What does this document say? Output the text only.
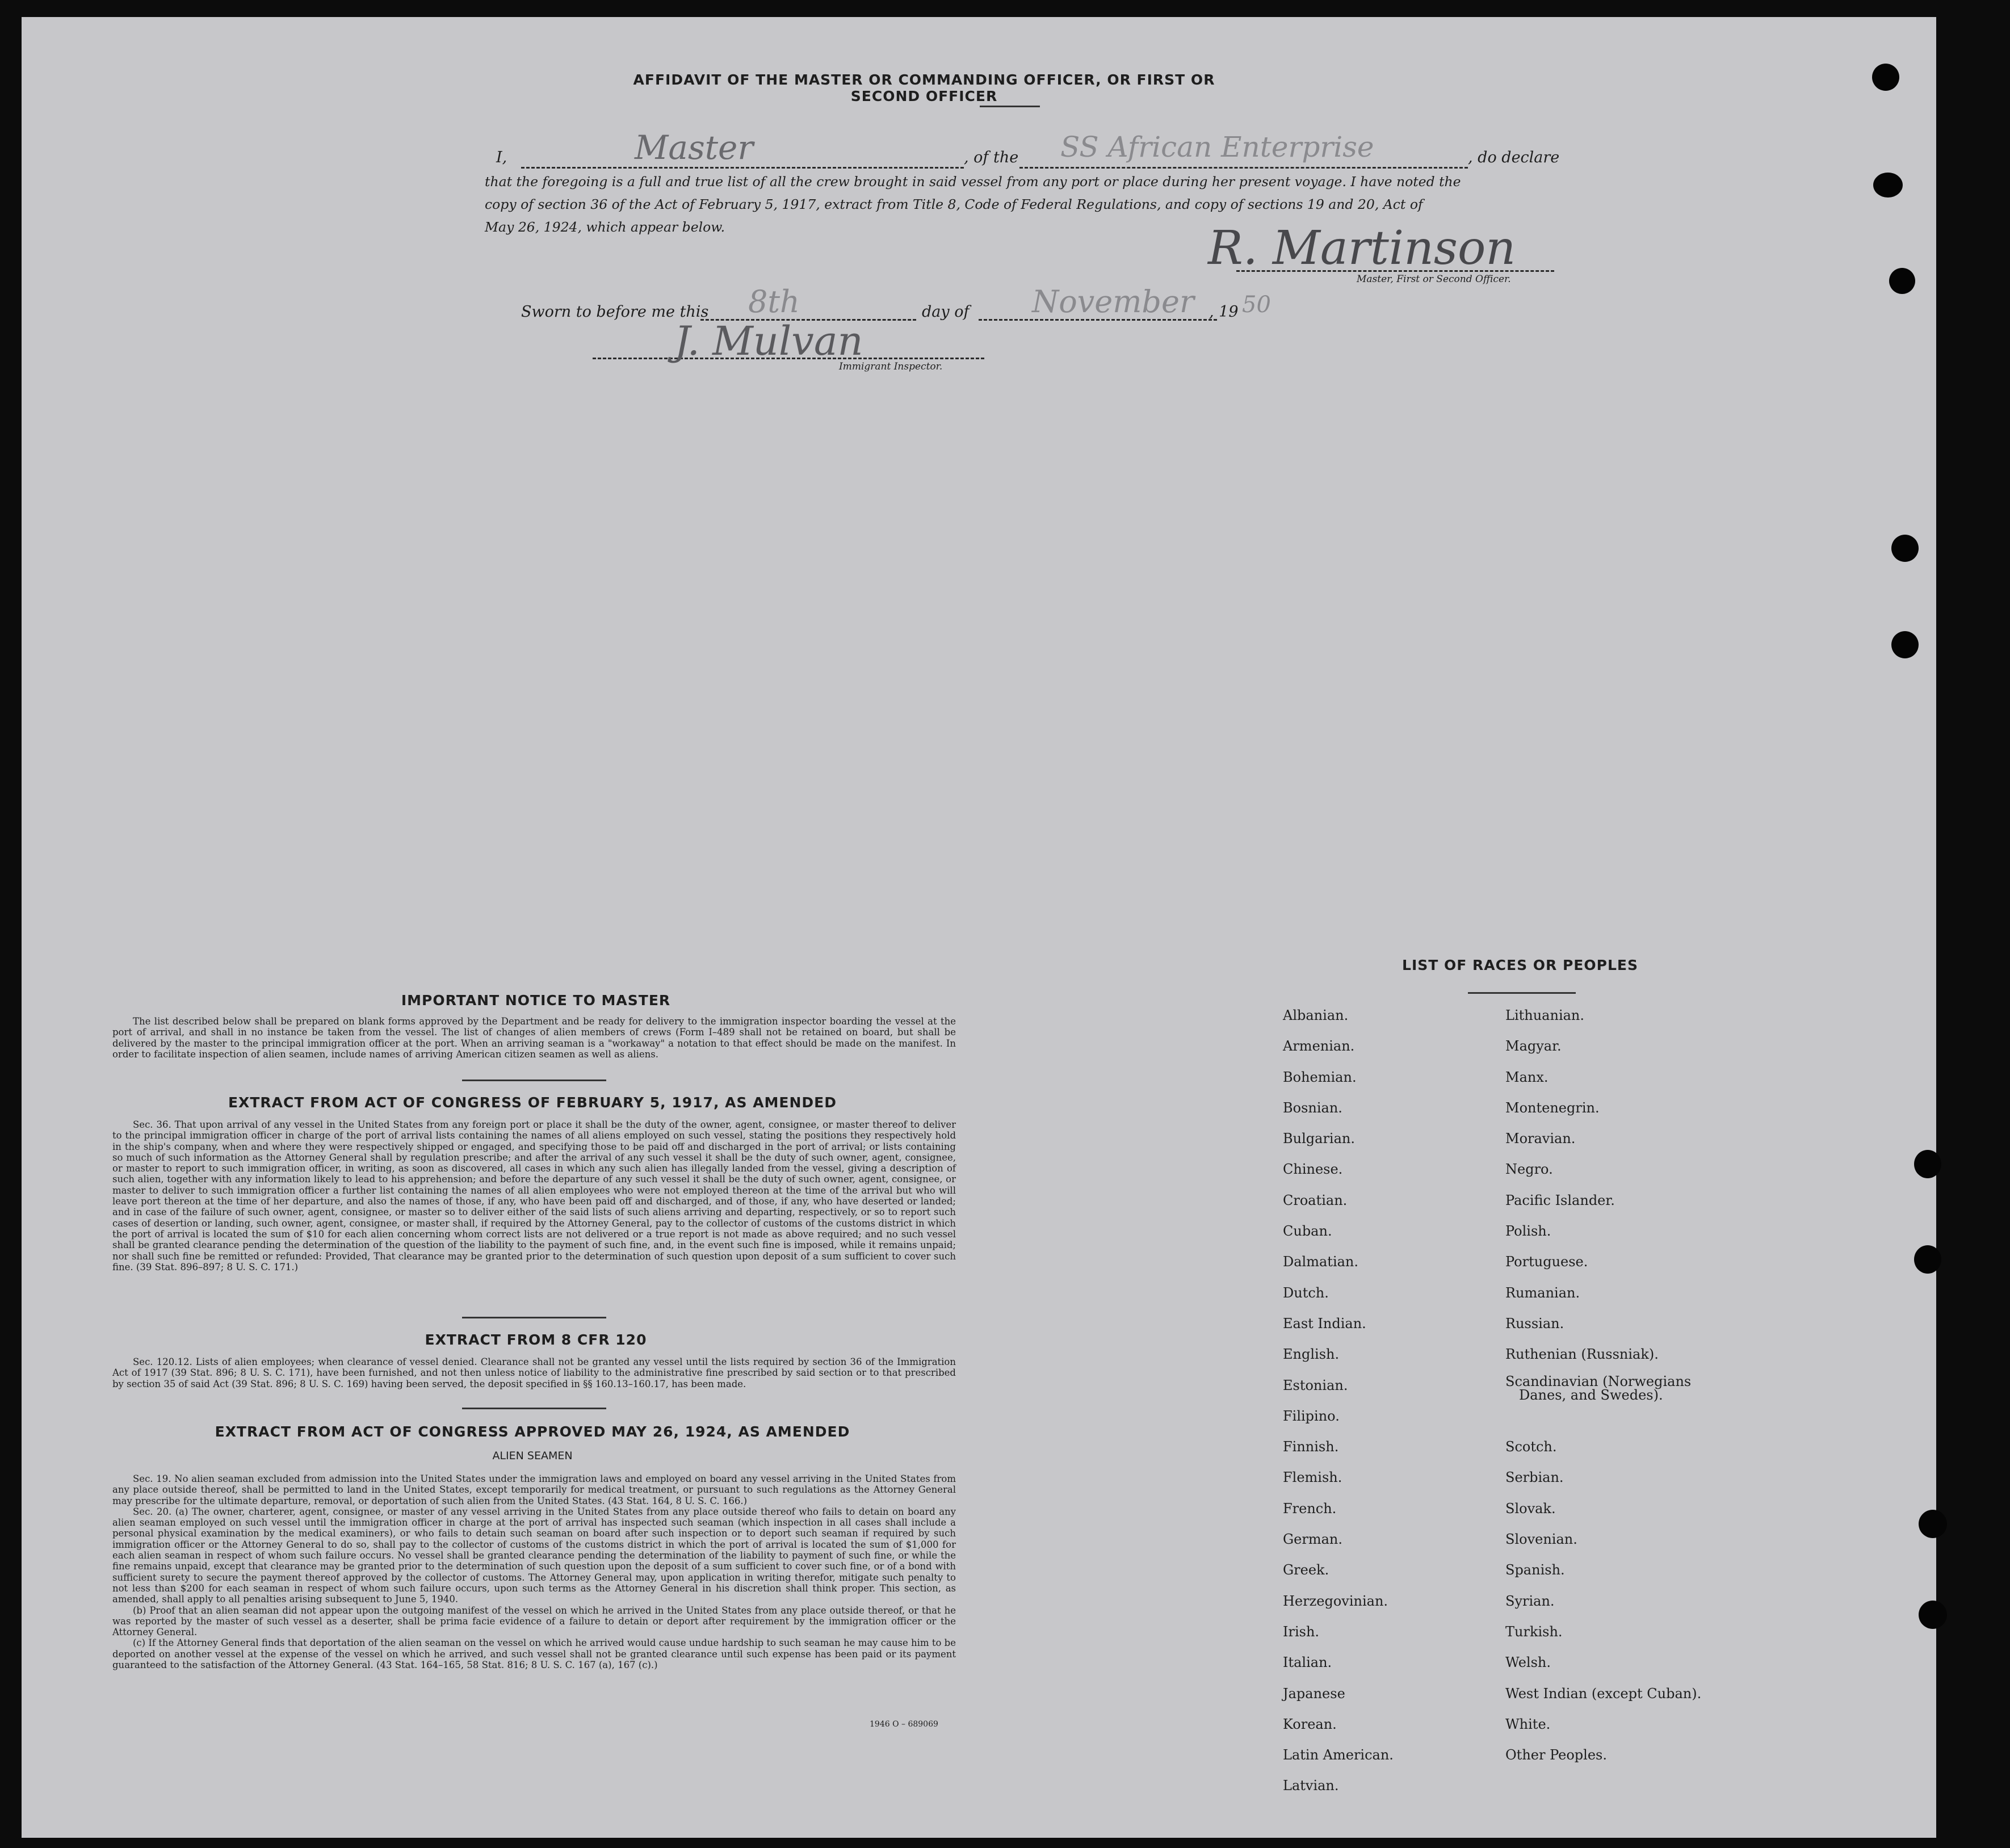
AFFIDAVIT OF THE MASTER OR COMMANDING OFFICER, OR FIRST OR SECOND OFFICER
I,	Master	, of the SS African Enterprise	, do declare
that the foregoing is a full and true list of all the crew brought in said vessel from any port or place during her present voyage. I have noted the
copy of section 36 of the Act of February 5, 1917, extract from Title 8, Code of Federal Regulations, and copy of sections 19 and 20, Act of
May 26, 1924, which appear below.	R. Martinson
Master, First or Second Officer.
Sworn to before me this 8th	day of November , 19 50
J. Mulvan
Immigrant Inspector.
IMPORTANT NOTICE TO MASTER

The list described below shall be prepared on blank forms approved by the Department and be ready for delivery to the immigration inspector boarding the vessel at the port of arrival, and shall in no instance be taken from the vessel. The list of changes of alien members of crews (Form I–489 shall not be retained on board, but shall be delivered by the master to the principal immigration officer at the port. When an arriving seaman is a "workaway" a notation to that effect should be made on the manifest. In order to facilitate inspection of alien seamen, include names of arriving American citizen seamen as well as aliens.

EXTRACT FROM ACT OF CONGRESS OF FEBRUARY 5, 1917, AS AMENDED

Sec. 36. That upon arrival of any vessel in the United States from any foreign port or place it shall be the duty of the owner, agent, consignee, or master thereof to deliver to the principal immigration officer in charge of the port of arrival lists containing the names of all aliens employed on such vessel, stating the positions they respectively hold in the ship's company, when and where they were respectively shipped or engaged, and specifying those to be paid off and discharged in the port of arrival; or lists containing so much of such information as the Attorney General shall by regulation prescribe; and after the arrival of any such vessel it shall be the duty of such owner, agent, consignee, or master to report to such immigration officer, in writing, as soon as discovered, all cases in which any such alien has illegally landed from the vessel, giving a description of such alien, together with any information likely to lead to his apprehension; and before the departure of any such vessel it shall be the duty of such owner, agent, consignee, or master to deliver to such immigration officer a further list containing the names of all alien employees who were not employed thereon at the time of the arrival but who will leave port thereon at the time of her departure, and also the names of those, if any, who have been paid off and discharged, and of those, if any, who have deserted or landed; and in case of the failure of such owner, agent, consignee, or master so to deliver either of the said lists of such aliens arriving and departing, respectively, or so to report such cases of desertion or landing, such owner, agent, consignee, or master shall, if required by the Attorney General, pay to the collector of customs of the customs district in which the port of arrival is located the sum of $10 for each alien concerning whom correct lists are not delivered or a true report is not made as above required; and no such vessel shall be granted clearance pending the determination of the question of the liability to the payment of such fine, and, in the event such fine is imposed, while it remains unpaid; nor shall such fine be remitted or refunded: Provided, That clearance may be granted prior to the determination of such question upon deposit of a sum sufficient to cover such fine. (39 Stat. 896–897; 8 U. S. C. 171.)

EXTRACT FROM 8 CFR 120

Sec. 120.12. Lists of alien employees; when clearance of vessel denied. Clearance shall not be granted any vessel until the lists required by section 36 of the Immigration Act of 1917 (39 Stat. 896; 8 U. S. C. 171), have been furnished, and not then unless notice of liability to the administrative fine prescribed by said section or to that prescribed by section 35 of said Act (39 Stat. 896; 8 U. S. C. 169) having been served, the deposit specified in §§ 160.13–160.17, has been made.

EXTRACT FROM ACT OF CONGRESS APPROVED MAY 26, 1924, AS AMENDED
ALIEN SEAMEN

Sec. 19. No alien seaman excluded from admission into the United States under the immigration laws and employed on board any vessel arriving in the United States from any place outside thereof, shall be permitted to land in the United States, except temporarily for medical treatment, or pursuant to such regulations as the Attorney General may prescribe for the ultimate departure, removal, or deportation of such alien from the United States. (43 Stat. 164, 8 U. S. C. 166.)

Sec. 20. (a) The owner, charterer, agent, consignee, or master of any vessel arriving in the United States from any place outside thereof who fails to detain on board any alien seaman employed on such vessel until the immigration officer in charge at the port of arrival has inspected such seaman (which inspection in all cases shall include a personal physical examination by the medical examiners), or who fails to detain such seaman on board after such inspection or to deport such seaman if required by such immigration officer or the Attorney General to do so, shall pay to the collector of customs of the customs district in which the port of arrival is located the sum of $1,000 for each alien seaman in respect of whom such failure occurs. No vessel shall be granted clearance pending the determination of the liability to payment of such fine, or while the fine remains unpaid, except that clearance may be granted prior to the determination of such question upon the deposit of a sum sufficient to cover such fine, or of a bond with sufficient surety to secure the payment thereof approved by the collector of customs. The Attorney General may, upon application in writing therefor, mitigate such penalty to not less than $200 for each seaman in respect of whom such failure occurs, upon such terms as the Attorney General in his discretion shall think proper. This section, as amended, shall apply to all penalties arising subsequent to June 5, 1940.

(b) Proof that an alien seaman did not appear upon the outgoing manifest of the vessel on which he arrived in the United States from any place outside thereof, or that he was reported by the master of such vessel as a deserter, shall be prima facie evidence of a failure to detain or deport after requirement by the immigration officer or the Attorney General.

(c) If the Attorney General finds that deportation of the alien seaman on the vessel on which he arrived would cause undue hardship to such seaman he may cause him to be deported on another vessel at the expense of the vessel on which he arrived, and such vessel shall not be granted clearance until such expense has been paid or its payment guaranteed to the satisfaction of the Attorney General. (43 Stat. 164–165, 58 Stat. 816; 8 U. S. C. 167 (a), 167 (c).)

1946 O – 689069
LIST OF RACES OR PEOPLES
Albanian.
Armenian.
Bohemian.
Bosnian.
Bulgarian.
Chinese.
Croatian.
Cuban.
Dalmatian.
Dutch.
East Indian.
English.
Estonian.
Filipino.
Finnish.
Flemish.
French.
German.
Greek.
Herzegovinian.
Irish.
Italian.
Japanese
Korean.
Latin American.
Latvian.
Lithuanian.
Magyar.
Manx.
Montenegrin.
Moravian.
Negro.
Pacific Islander.
Polish.
Portuguese.
Rumanian.
Russian.
Ruthenian (Russniak).
Scandinavian (Norwegians
Danes, and Swedes).
Scotch.
Serbian.
Slovak.
Slovenian.
Spanish.
Syrian.
Turkish.
Welsh.
West Indian (except Cuban).
White.
Other Peoples.
